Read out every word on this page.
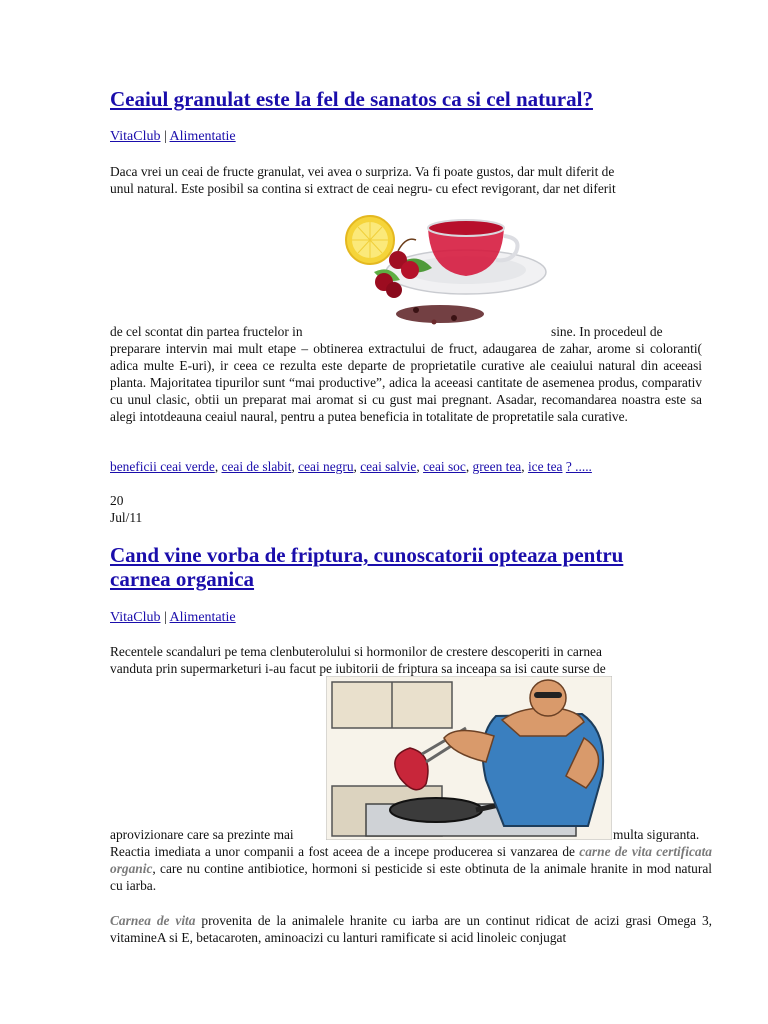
Ceaiul granulat este la fel de sanatos ca si cel natural?
VitaClub | Alimentatie
Daca vrei un ceai de fructe granulat, vei avea o surpriza. Va fi poate gustos, dar mult diferit de
unul natural. Este posibil sa contina si extract de ceai negru- cu efect revigorant, dar net diferit
de cel scontat din partea fructelor in	sine. In procedeul de

preparare intervin mai mult etape – obtinerea extractului de fruct, adaugarea de zahar, arome si coloranti( adica multe E-uri), ir ceea ce rezulta este departe de proprietatile curative ale ceaiului natural din aceeasi planta. Majoritatea tipurilor sunt “mai productive”, adica la aceeasi cantitate de asemenea produs, comparativ cu unul clasic, obtii un preparat mai aromat si cu gust mai pregnant. Asadar, recomandarea noastra este sa alegi intotdeauna ceaiul naural, pentru a putea beneficia in totalitate de propretatile sala curative.

beneficii ceai verde, ceai de slabit, ceai negru, ceai salvie, ceai soc, green tea, ice tea ? .....
20
Jul/11
Cand vine vorba de friptura, cunoscatorii opteaza pentru
carnea organica
VitaClub | Alimentatie
Recentele scandaluri pe tema clenbuterolului si hormonilor de crestere descoperiti in carnea
vanduta prin supermarketuri i-au facut pe iubitorii de friptura sa inceapa sa isi caute surse de
aprovizionare care sa prezinte mai	multa siguranta.

Reactia imediata a unor companii a fost aceea de a incepe producerea si vanzarea de carne de vita certificata organic, care nu contine antibiotice, hormoni si pesticide si este obtinuta de la animale hranite in mod natural cu iarba.

Carnea de vita provenita de la animalele hranite cu iarba are un continut ridicat de acizi grasi Omega 3, vitamineA si E, betacaroten, aminoacizi cu lanturi ramificate si acid linoleic conjugat
